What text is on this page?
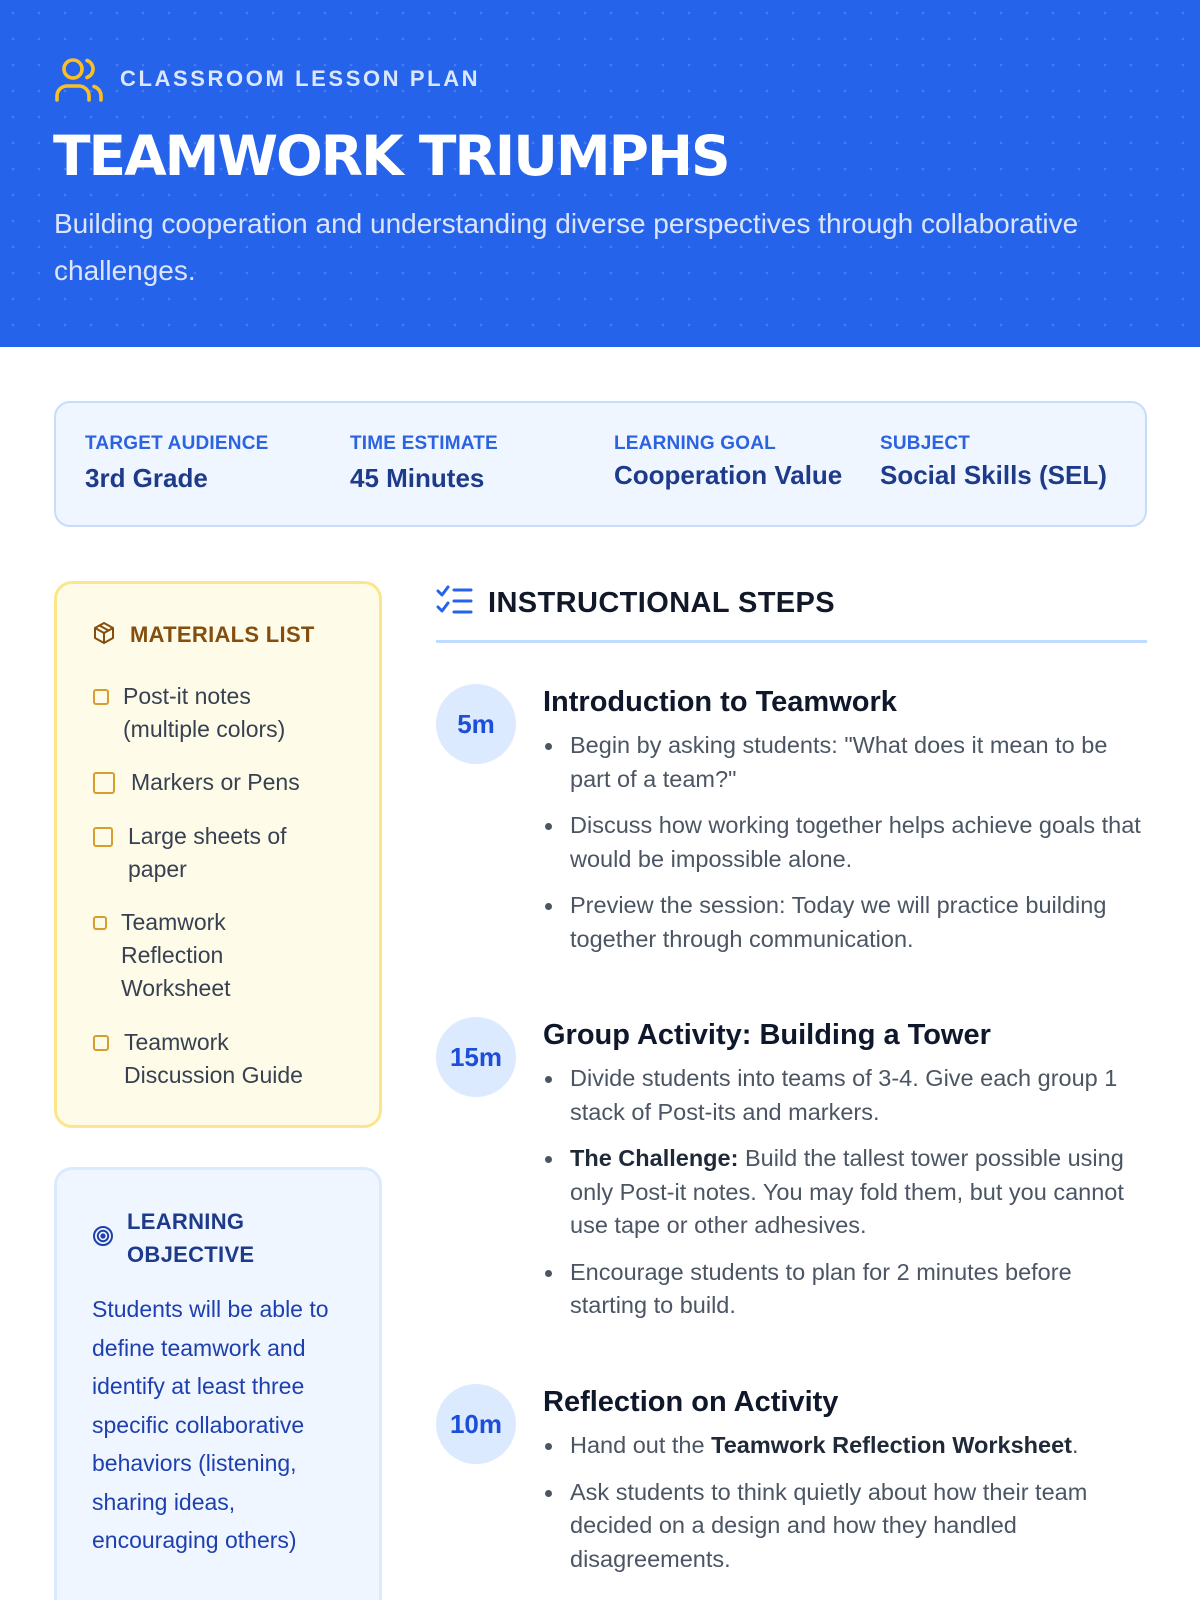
CLASSROOM LESSON PLAN
TEAMWORK TRIUMPHS

Building cooperation and understanding diverse perspectives through collaborative challenges.

TARGET AUDIENCE
3rd Grade
TIME ESTIMATE
45 Minutes
LEARNING GOAL
Cooperation Value
SUBJECT
Social Skills (SEL)
MATERIALS LIST
Post-it notes (multiple colors)
Markers or Pens
Large sheets of paper
Teamwork Reflection Worksheet
Teamwork Discussion Guide
LEARNING OBJECTIVE

Students will be able to define teamwork and identify at least three specific collaborative behaviors (listening, sharing ideas, encouraging others)

INSTRUCTIONAL STEPS
5m
Introduction to Teamwork
Begin by asking students: "What does it mean to be part of a team?"
Discuss how working together helps achieve goals that would be impossible alone.
Preview the session: Today we will practice building together through communication.
15m
Group Activity: Building a Tower
Divide students into teams of 3-4. Give each group 1 stack of Post-its and markers.
The Challenge: Build the tallest tower possible using only Post-it notes. You may fold them, but you cannot use tape or other adhesives.
Encourage students to plan for 2 minutes before starting to build.
10m
Reflection on Activity
Hand out the Teamwork Reflection Worksheet.
Ask students to think quietly about how their team decided on a design and how they handled disagreements.
